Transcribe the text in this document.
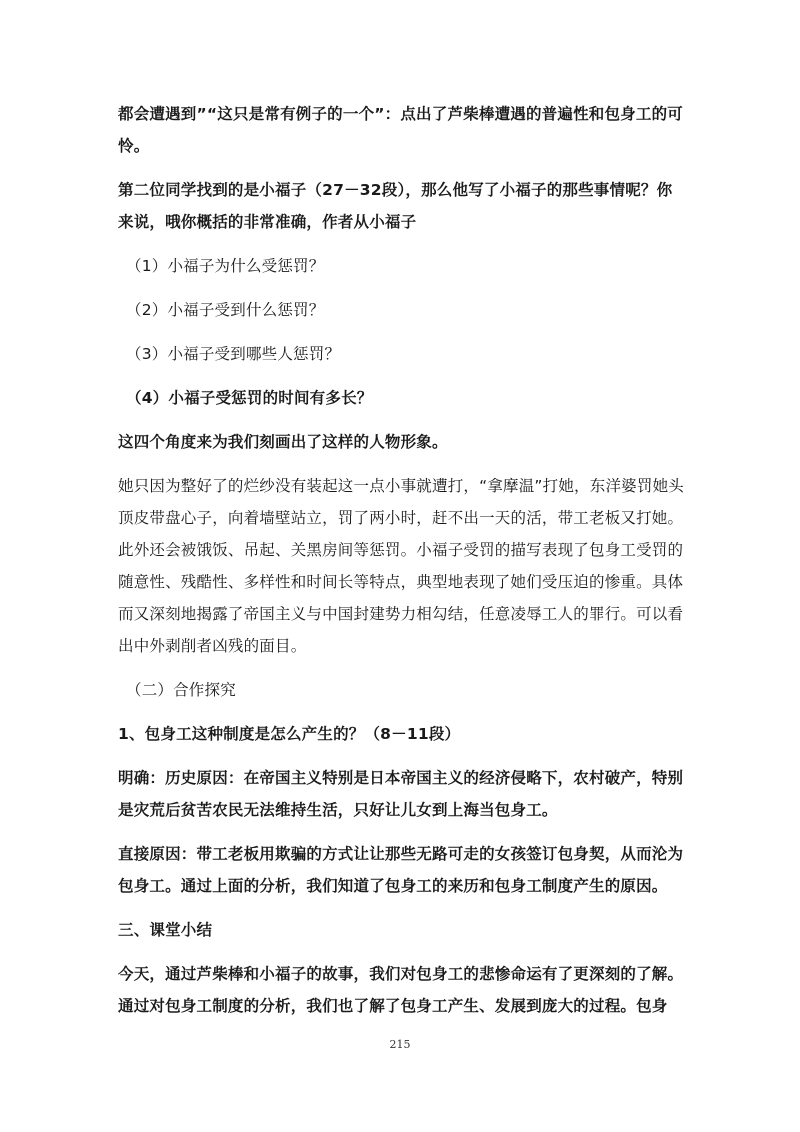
都会遭遇到”“这只是常有例子的一个”：点出了芦柴棒遭遇的普遍性和包身工的可怜。

第二位同学找到的是小福子（27－32段），那么他写了小福子的那些事情呢？你来说，哦你概括的非常准确，作者从小福子

（1）小福子为什么受惩罚？

（2）小福子受到什么惩罚？

（3）小福子受到哪些人惩罚？

（4）小福子受惩罚的时间有多长？

这四个角度来为我们刻画出了这样的人物形象。

她只因为整好了的烂纱没有装起这一点小事就遭打，“拿摩温”打她，东洋婆罚她头顶皮带盘心子，向着墙壁站立，罚了两小时，赶不出一天的活，带工老板又打她。此外还会被饿饭、吊起、关黑房间等惩罚。小福子受罚的描写表现了包身工受罚的随意性、残酷性、多样性和时间长等特点，典型地表现了她们受压迫的惨重。具体而又深刻地揭露了帝国主义与中国封建势力相勾结，任意凌辱工人的罪行。可以看出中外剥削者凶残的面目。

（二）合作探究

1、包身工这种制度是怎么产生的？（8－11段）

明确：历史原因：在帝国主义特别是日本帝国主义的经济侵略下，农村破产，特别是灾荒后贫苦农民无法维持生活，只好让儿女到上海当包身工。

直接原因：带工老板用欺骗的方式让让那些无路可走的女孩签订包身契，从而沦为包身工。通过上面的分析，我们知道了包身工的来历和包身工制度产生的原因。

三、课堂小结

今天，通过芦柴棒和小福子的故事，我们对包身工的悲惨命运有了更深刻的了解。通过对包身工制度的分析，我们也了解了包身工产生、发展到庞大的过程。包身

215
